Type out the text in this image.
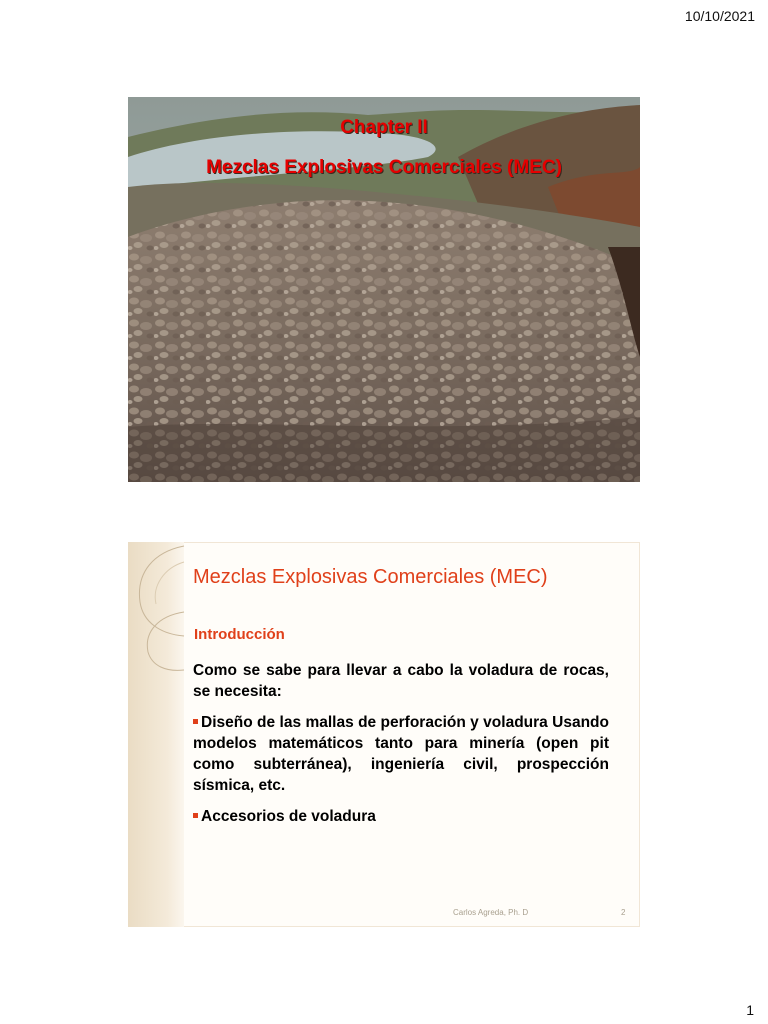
10/10/2021
Chapter II
Mezclas Explosivas Comerciales (MEC)
Mezclas Explosivas Comerciales (MEC)
Introducción

Como se sabe para llevar a cabo la voladura de rocas, se necesita:

Diseño de las mallas de perforación y voladura Usando modelos matemáticos tanto para minería (open pit como subterránea), ingeniería civil, prospección sísmica, etc.

Accesorios de voladura

Carlos Agreda, Ph. D	2
1
